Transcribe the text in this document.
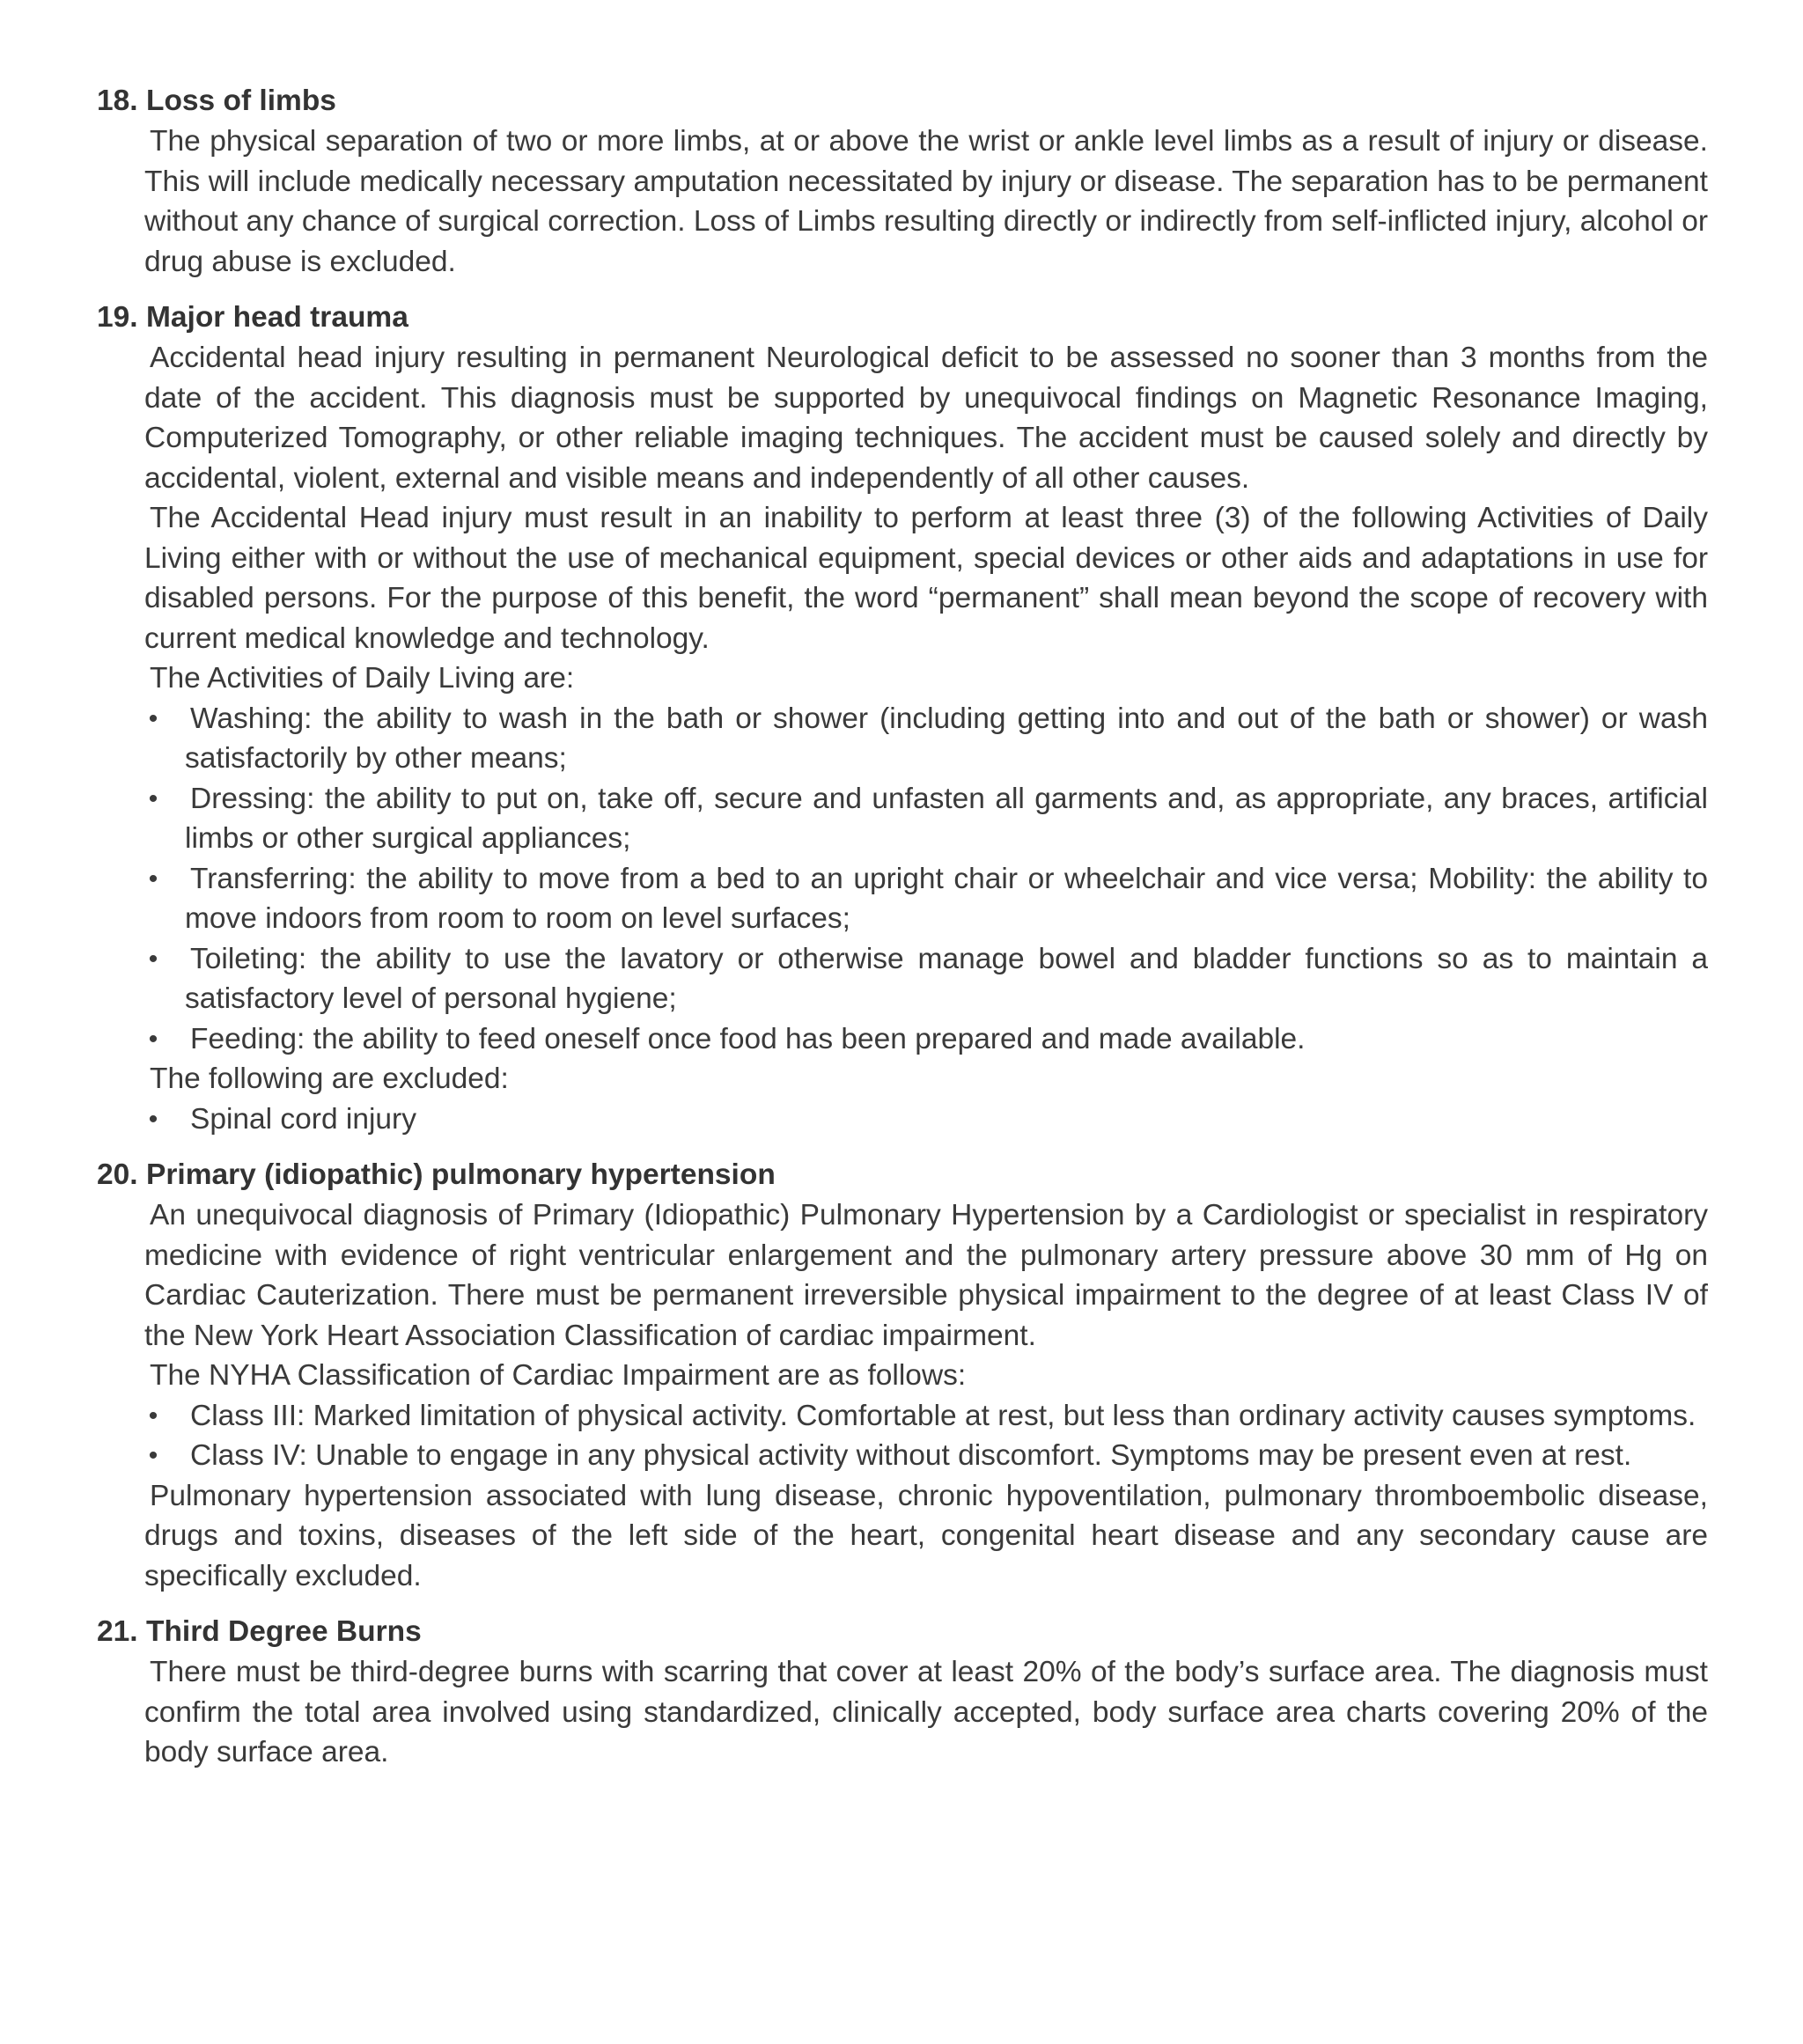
18. Loss of limbs
The physical separation of two or more limbs, at or above the wrist or ankle level limbs as a result of injury or disease. This will include medically necessary amputation necessitated by injury or disease. The separation has to be permanent without any chance of surgical correction. Loss of Limbs resulting directly or indirectly from self-inflicted injury, alcohol or drug abuse is excluded.
19. Major head trauma
Accidental head injury resulting in permanent Neurological deficit to be assessed no sooner than 3 months from the date of the accident. This diagnosis must be supported by unequivocal findings on Magnetic Resonance Imaging, Computerized Tomography, or other reliable imaging techniques. The accident must be caused solely and directly by accidental, violent, external and visible means and independently of all other causes.
The Accidental Head injury must result in an inability to perform at least three (3) of the following Activities of Daily Living either with or without the use of mechanical equipment, special devices or other aids and adaptations in use for disabled persons. For the purpose of this benefit, the word “permanent” shall mean beyond the scope of recovery with current medical knowledge and technology.
The Activities of Daily Living are:
• Washing: the ability to wash in the bath or shower (including getting into and out of the bath or shower) or wash satisfactorily by other means;
• Dressing: the ability to put on, take off, secure and unfasten all garments and, as appropriate, any braces, artificial limbs or other surgical appliances;
• Transferring: the ability to move from a bed to an upright chair or wheelchair and vice versa; Mobility: the ability to move indoors from room to room on level surfaces;
• Toileting: the ability to use the lavatory or otherwise manage bowel and bladder functions so as to maintain a satisfactory level of personal hygiene;
• Feeding: the ability to feed oneself once food has been prepared and made available.
The following are excluded:
• Spinal cord injury
20. Primary (idiopathic) pulmonary hypertension
An unequivocal diagnosis of Primary (Idiopathic) Pulmonary Hypertension by a Cardiologist or specialist in respiratory medicine with evidence of right ventricular enlargement and the pulmonary artery pressure above 30 mm of Hg on Cardiac Cauterization. There must be permanent irreversible physical impairment to the degree of at least Class IV of the New York Heart Association Classification of cardiac impairment.
The NYHA Classification of Cardiac Impairment are as follows:
• Class III: Marked limitation of physical activity. Comfortable at rest, but less than ordinary activity causes symptoms.
• Class IV: Unable to engage in any physical activity without discomfort. Symptoms may be present even at rest.
Pulmonary hypertension associated with lung disease, chronic hypoventilation, pulmonary thromboembolic disease, drugs and toxins, diseases of the left side of the heart, congenital heart disease and any secondary cause are specifically excluded.
21. Third Degree Burns
There must be third-degree burns with scarring that cover at least 20% of the body’s surface area. The diagnosis must confirm the total area involved using standardized, clinically accepted, body surface area charts covering 20% of the body surface area.
